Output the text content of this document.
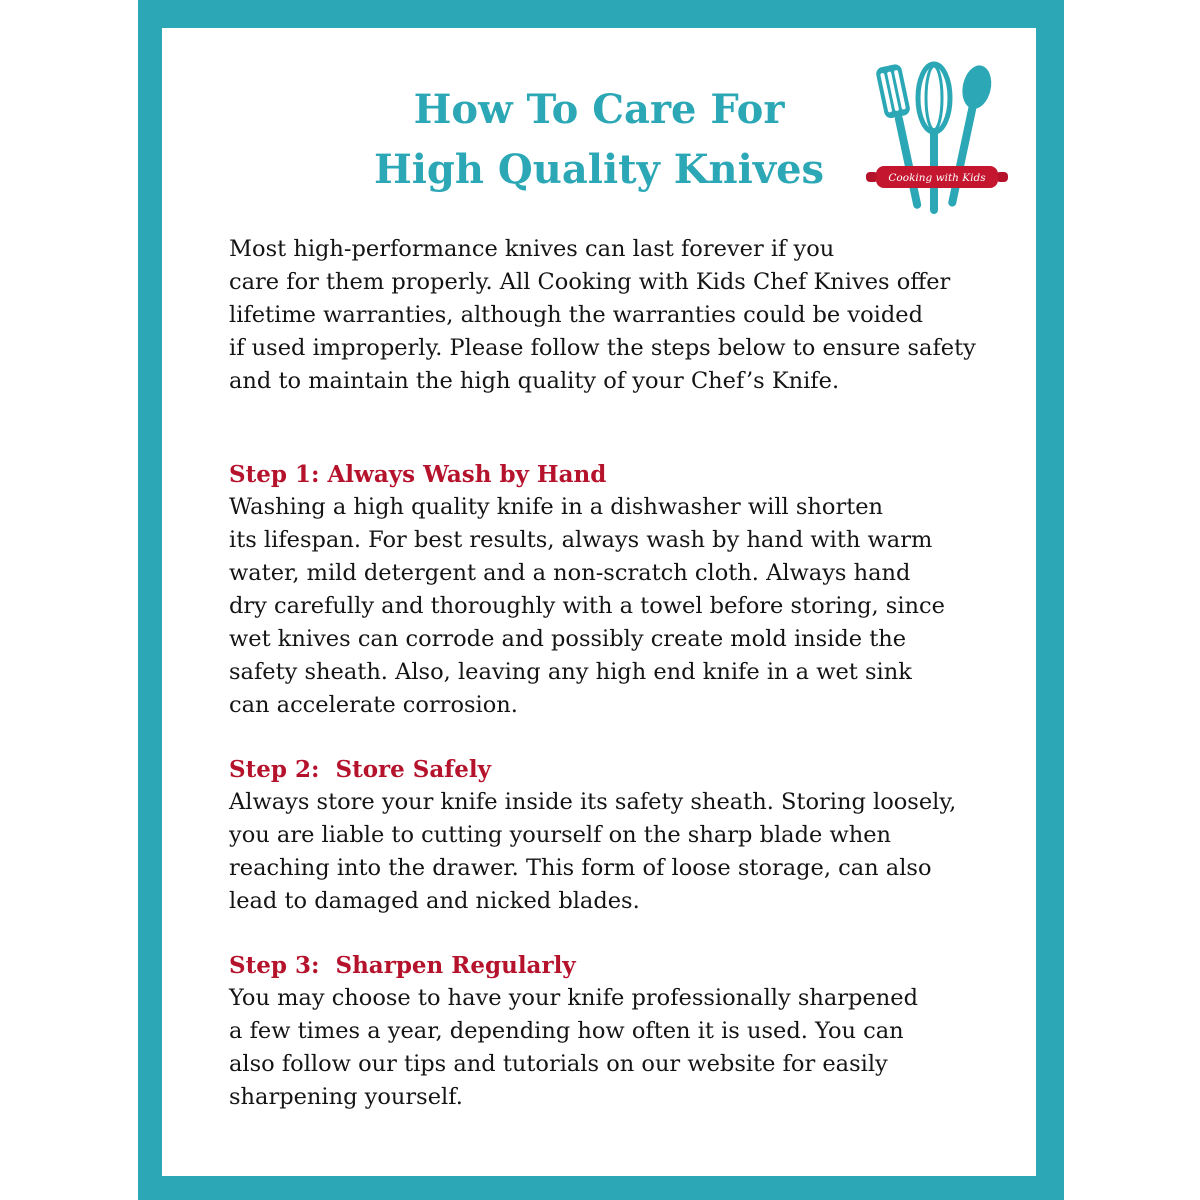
How To Care For
High Quality Knives	Cooking with Kids

Most high-performance knives can last forever if you
care for them properly. All Cooking with Kids Chef Knives offer
lifetime warranties, although the warranties could be voided
if used improperly. Please follow the steps below to ensure safety
and to maintain the high quality of your Chef’s Knife.

Step 1: Always Wash by Hand

Washing a high quality knife in a dishwasher will shorten
its lifespan. For best results, always wash by hand with warm
water, mild detergent and a non-scratch cloth. Always hand
dry carefully and thoroughly with a towel before storing, since
wet knives can corrode and possibly create mold inside the
safety sheath. Also, leaving any high end knife in a wet sink
can accelerate corrosion.

Step 2:  Store Safely

Always store your knife inside its safety sheath. Storing loosely,
you are liable to cutting yourself on the sharp blade when
reaching into the drawer. This form of loose storage, can also
lead to damaged and nicked blades.

Step 3:  Sharpen Regularly

You may choose to have your knife professionally sharpened
a few times a year, depending how often it is used. You can
also follow our tips and tutorials on our website for easily
sharpening yourself.
